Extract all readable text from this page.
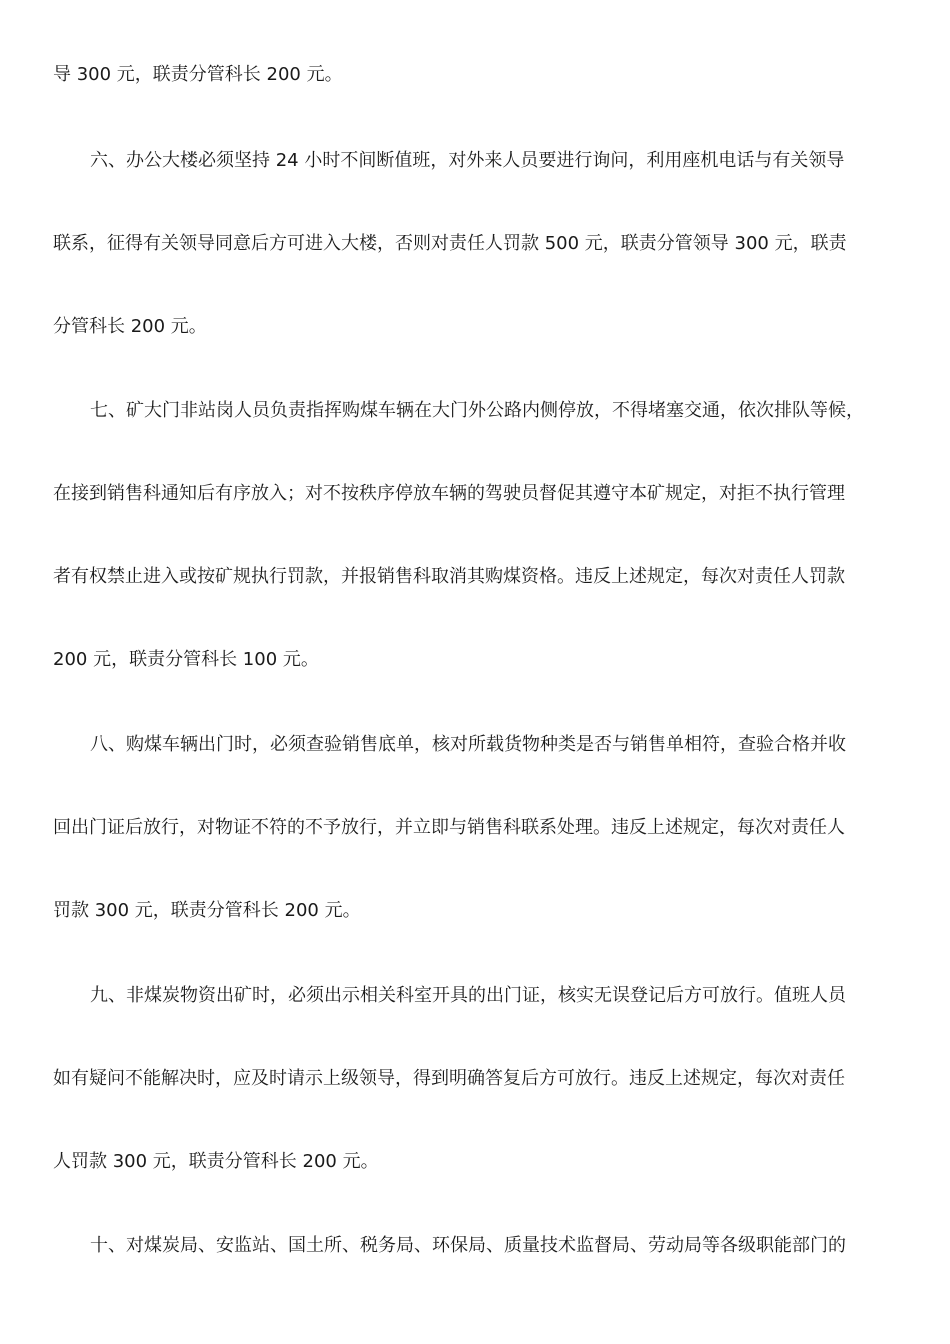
导 300 元，联责分管科长 200 元。
六、办公大楼必须坚持 24 小时不间断值班，对外来人员要进行询问，利用座机电话与有关领导
联系，征得有关领导同意后方可进入大楼，否则对责任人罚款 500 元，联责分管领导 300 元，联责
分管科长 200 元。
七、矿大门非站岗人员负责指挥购煤车辆在大门外公路内侧停放，不得堵塞交通，依次排队等候，
在接到销售科通知后有序放入；对不按秩序停放车辆的驾驶员督促其遵守本矿规定，对拒不执行管理
者有权禁止进入或按矿规执行罚款，并报销售科取消其购煤资格。违反上述规定，每次对责任人罚款
200 元，联责分管科长 100 元。
八、购煤车辆出门时，必须查验销售底单，核对所载货物种类是否与销售单相符，查验合格并收
回出门证后放行，对物证不符的不予放行，并立即与销售科联系处理。违反上述规定，每次对责任人
罚款 300 元，联责分管科长 200 元。
九、非煤炭物资出矿时，必须出示相关科室开具的出门证，核实无误登记后方可放行。值班人员
如有疑问不能解决时，应及时请示上级领导，得到明确答复后方可放行。违反上述规定，每次对责任
人罚款 300 元，联责分管科长 200 元。
十、对煤炭局、安监站、国土所、税务局、环保局、质量技术监督局、劳动局等各级职能部门的
